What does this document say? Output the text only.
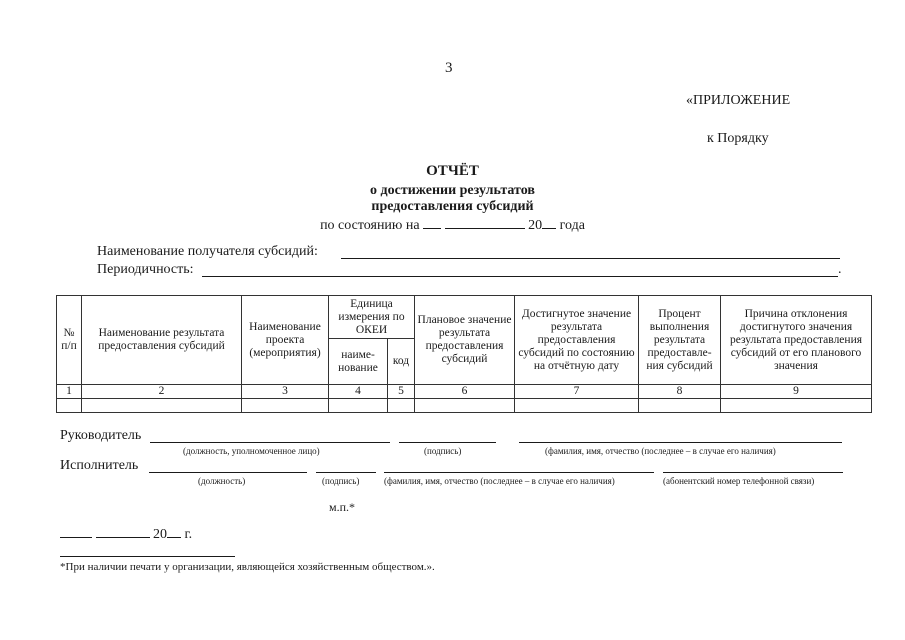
3
«ПРИЛОЖЕНИЕ
к Порядку
ОТЧЁТ
о достижении результатов
предоставления субсидий
по состоянию на	20 года
Наименование получателя субсидий:
Периодичность:	.
№ п/п	Наименование результата предоставления субсидий	Наименование проекта (мероприятия)	Единица измерения по ОКЕИ		Плановое значение результата предоставления субсидий	Достигнутое значение результата предоставления субсидий по состоянию на отчётную дату	Процент выполнения результата предоставле-ния субсидий	Причина отклонения достигнутого значения результата предоставления субсидий от его планового значения
			наиме-нование	код				
1	2	3	4	5	6	7	8	9

Руководитель
(должность, уполномоченное лицо)	(подпись)	(фамилия, имя, отчество (последнее – в случае его наличия)
Исполнитель
(должность)	(подпись)	(фамилия, имя, отчество (последнее – в случае его наличия)	(абонентский номер телефонной связи)
м.п.*
20 г.
*При наличии печати у организации, являющейся хозяйственным обществом.».
